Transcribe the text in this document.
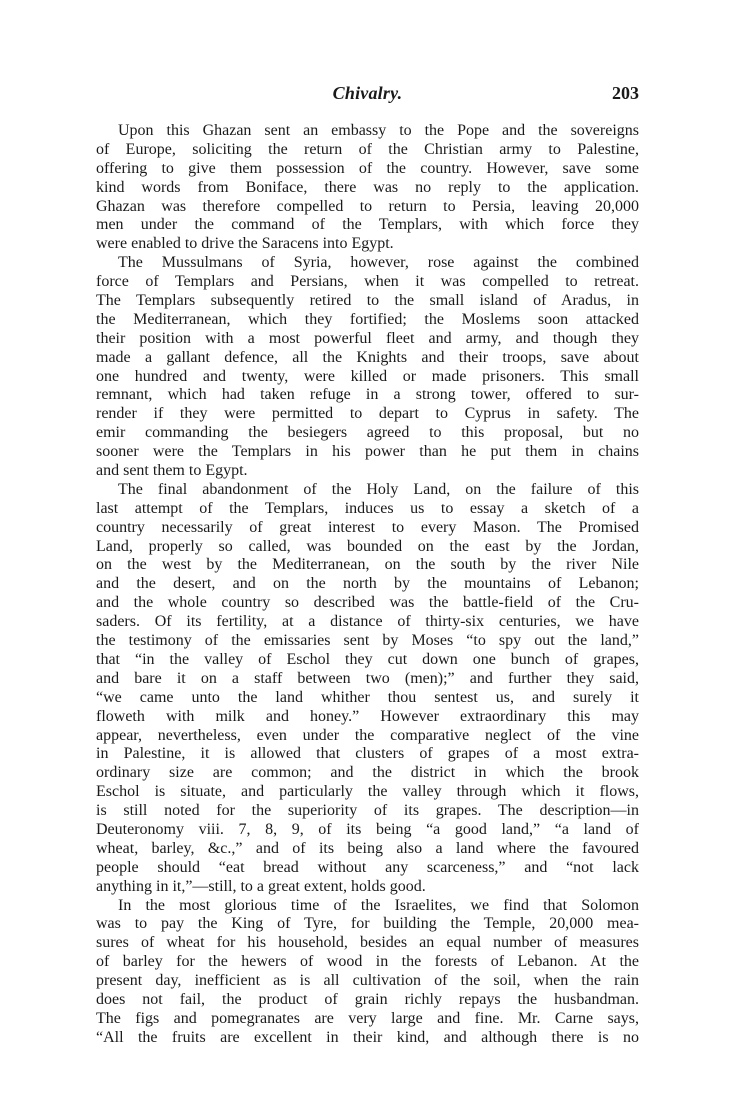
Chivalry.	203
Upon this Ghazan sent an embassy to the Pope and the sovereigns
of Europe, soliciting the return of the Christian army to Palestine,
offering to give them possession of the country. However, save some
kind words from Boniface, there was no reply to the application.
Ghazan was therefore compelled to return to Persia, leaving 20,000
men under the command of the Templars, with which force they
were enabled to drive the Saracens into Egypt.
The Mussulmans of Syria, however, rose against the combined
force of Templars and Persians, when it was compelled to retreat.
The Templars subsequently retired to the small island of Aradus, in
the Mediterranean, which they fortified; the Moslems soon attacked
their position with a most powerful fleet and army, and though they
made a gallant defence, all the Knights and their troops, save about
one hundred and twenty, were killed or made prisoners. This small
remnant, which had taken refuge in a strong tower, offered to sur-
render if they were permitted to depart to Cyprus in safety. The
emir commanding the besiegers agreed to this proposal, but no
sooner were the Templars in his power than he put them in chains
and sent them to Egypt.
The final abandonment of the Holy Land, on the failure of this
last attempt of the Templars, induces us to essay a sketch of a
country necessarily of great interest to every Mason. The Promised
Land, properly so called, was bounded on the east by the Jordan,
on the west by the Mediterranean, on the south by the river Nile
and the desert, and on the north by the mountains of Lebanon;
and the whole country so described was the battle-field of the Cru-
saders. Of its fertility, at a distance of thirty-six centuries, we have
the testimony of the emissaries sent by Moses “to spy out the land,”
that “in the valley of Eschol they cut down one bunch of grapes,
and bare it on a staff between two (men);” and further they said,
“we came unto the land whither thou sentest us, and surely it
floweth with milk and honey.” However extraordinary this may
appear, nevertheless, even under the comparative neglect of the vine
in Palestine, it is allowed that clusters of grapes of a most extra-
ordinary size are common; and the district in which the brook
Eschol is situate, and particularly the valley through which it flows,
is still noted for the superiority of its grapes. The description—in
Deuteronomy viii. 7, 8, 9, of its being “a good land,” “a land of
wheat, barley, &c.,” and of its being also a land where the favoured
people should “eat bread without any scarceness,” and “not lack
anything in it,”—still, to a great extent, holds good.
In the most glorious time of the Israelites, we find that Solomon
was to pay the King of Tyre, for building the Temple, 20,000 mea-
sures of wheat for his household, besides an equal number of measures
of barley for the hewers of wood in the forests of Lebanon. At the
present day, inefficient as is all cultivation of the soil, when the rain
does not fail, the product of grain richly repays the husbandman.
The figs and pomegranates are very large and fine. Mr. Carne says,
“All the fruits are excellent in their kind, and although there is no
